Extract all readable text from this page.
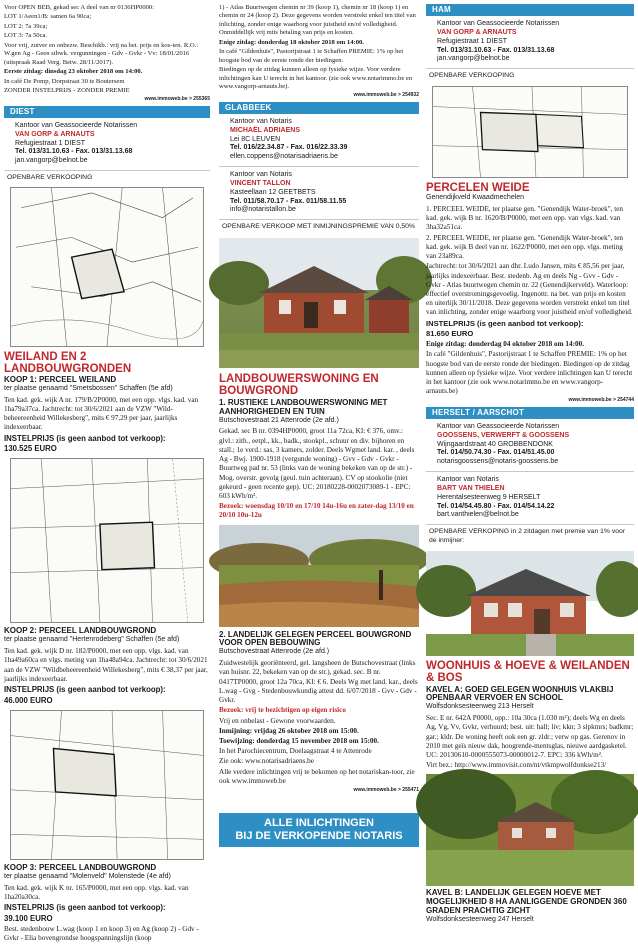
Voor OPEN BEB, gekad sec A deel van nr 0136HP0000:

LOT 1/Aeen1/B: samen 6a 90ca;

LOT 2: 7a 39ca;

LOT 3: 7a 50ca.

Voor vrij, zuiver en onbezw. Beschikb.: vrij na bet. prijs en kos-ten. R.O.: W.gen Ag - Geen stbwk. vergunningen - Gdv - Gvkr - Vv: 18/01/2016 (uitspraak Raad Verg. Betw. 28/11/2017).

Eerste zitdag: dinsdag 23 oktober 2018 om 14:00.

In café De Pomp, Dorpstraat 30 te Boutersem

ZONDER INSTELPRIJS - ZONDER PREMIE

www.immoweb.be > 255365
DIEST
Kantoor van Geassocieerde Notarissen
VAN GORP & ARNAUTS
Refugiestraat 1 DIEST
Tel. 013/31.10.63 - Fax. 013/31.13.68
jan.vangorp@belnot.be
OPENBARE VERKOOPING
WEILAND EN 2 LANDBOUWGRONDEN
KOOP 1: PERCEEL WEILAND
ter plaatse genaamd "Smetsbossen" Schaffen (5e afd)

Ten kad. gek. wijk A nr. 179/B/2P0000, met een opp. vlgs. kad. van 1ha79a37ca. Jachtrecht: tot 30/6/2021 aan de VZW "Wild-beheereenheid Willekesberg", mits € 97,29 per jaar, jaarlijks indexeerbaar.

INSTELPRIJS (is geen aanbod tot verkoop):

130.525 EURO

KOOP 2: PERCEEL LANDBOUWGROND
ter plaatse genaamd "Hertenrodeberg" Schaffen (5e afd)

Ten kad. gek. wijk D nr. 182/P0000, met een opp. vlgs. kad. van 1ha49a60ca en vlgs. meting van 1ha48a94ca. Jachtrecht: tot 30/6/2021 aan de VZW "Wildbeheereenheid Willekesberg", mits € 38,37 per jaar, jaarlijks indexeerbaar.

INSTELPRIJS (is geen aanbod tot verkoop):

46.000 EURO

KOOP 3: PERCEEL LANDBOUWGROND
ter plaatse genaamd "Molenveld" Molenstede (4e afd)

Ten kad. gek. wijk K nr. 165/P0000, met een opp. vlgs. kad. van 1ha20a30ca.

INSTELPRIJS (is geen aanbod tot verkoop):

39.100 EURO

Best. stedenbouw L.wag (koop 1 en koop 3) en Ag (koop 2) - Gdv - Gvkr - Elia bovengrondse hoogspanningslijn (koop

1) - Atlas Buurtwegen chemin nr 39 (koop 1), chemin nr 18 (koop 1) en chemin nr 24 (koop 2). Deze gegevens worden verstrekt enkel ten titel van inlichting, zonder enige waarborg voor juistheid en/of volledigheid. Onmiddellijk vrij mits betaling van prijs en kosten.

Enige zitdag: donderdag 18 oktober 2018 om 14:00.

In café "Gildenhuis", Pastorijstraat 1 te Schaffen PREMIE: 1% op het hoogste bod van de eerste ronde der biedingen.

Biedingen op de zitdag kunnen alleen op fysieke wijze. Voor verdere inlichtingen kan U terecht in het kantoor. (zie ook www.notarimmo.be en www.vangorp-arnauts.be).

www.immoweb.be > 254932
GLABBEEK
Kantoor van Notaris
MICHAËL ADRIAENS
Lei 8C LEUVEN
Tel. 016/22.34.87 - Fax. 016/22.33.39
ellen.coppens@notarisadriaens.be
Kantoor van Notaris
VINCENT TALLON
Kasteellaan 12 GEETBETS
Tel. 011/58.70.17 - Fax. 011/58.11.55
info@notaristallon.be
OPENBARE VERKOOP MET INMIJNINGSPREMIE VAN 0,50%
LANDBOUWERSWONING EN BOUWGROND
1. RUSTIEKE LANDBOUWERSWONING MET AANHORIGHEDEN EN TUIN
Butschovestraat 21 Attenrode (2e afd.)

Gekad. sec B nr. 0394HP0000, groot 11a 72ca, KI: € 376, omv.: glvl.: zith., eetpl., kk., badk., stookpl., schuur en div. bijhoren en stall.; 1e verd.: sas, 3 kamers, zolder. Deels Wgmet land. kar. , deels Ag - Bwj. 1900-1918 (vergunde woning) - Gvv - Gdv - Gvkr - Buurtweg pad nr. 53 (links van de woning bekeken van op de str.) - Mog. overstr. gevolg (geul. tuin achteraan). CV op stookolie (niet gekeurd - geen recente gep). UC: 20180228-0002073089-1 - EPC: 603 kWh/m².

Bezoek: woensdag 10/10 en 17/10 14u-16u en zater-dag 13/10 en 20/10 10u-12u

2. LANDELIJK GELEGEN PERCEEL BOUWGROND VOOR OPEN BEBOUWING
Butschovestraat Attenrode (2e afd.)

Zuidwestelijk georiënteerd, gel. langsheen de Butschovestraat (links van huisnr. 22, bekeken van op de str.), gekad. sec. B nr. 0417TP0000, groot 12a 70ca, KI: € 6. Deels Wg met land. kar., deels L.wag - Gvg - Stedenbouwkundig attest dd. 6/07/2018 - Gvv - Gdv - Gvkr.

Bezoek: vrij te bezichtigen op eigen risico

Vrij en onbelast - Gewone voorwaarden.

Inmijning: vrijdag 26 oktober 2018 om 15:00.

Toewijzing: donderdag 15 november 2018 om 15:00.

In het Parochiecentrum, Doelaagstraat 4 te Attenrode

Zie ook: www.notarisadriaens.be

Alle verdere inlichtingen vrij te bekomen op het notariskan-toor, zie ook www.immoweb.be

www.immoweb.be > 255471
ALLE INLICHTINGEN
BIJ DE VERKOPENDE NOTARIS
HAM
Kantoor van Geassocieerde Notarissen
VAN GORP & ARNAUTS
Refugiestraat 1 DIEST
Tel. 013/31.10.63 - Fax. 013/31.13.68
jan.vangorp@belnot.be
OPENBARE VERKOOPING
PERCELEN WEIDE
Genendijkveld Kwaadmechelen

1. PERCEEL WEIDE, ter plaatse gen. "Genendijk Water-broek", ten kad. gek. wijk B nr. 1620/B/P0000, met een opp. van vlgs. kad. van 3ha32a51ca.

2. PERCEEL WEIDE, ter plaatse gen. "Genendijk Water-broek", ten kad. gek. wijk B deel van nr. 1622/P0000, met een opp. vlgs. meting van 23a89ca.

Jachtrecht: tot 30/6/2021 aan dhr. Ludo Jansen, mits € 85,56 per jaar, jaarlijks indexeerbaar. Best. stedenb. Ag en deels Ng - Gvv - Gdv - Gvkr - Atlas buurtwegen chemin nr. 22 (Genendijkerveld). Waterloop: effectief overstromingsgevoelig. Ingenottr. na bet. van prijs en kosten en uiterlijk 30/11/2018. Deze gegevens worden verstrekt enkel ten titel van inlichting, zonder enige waarborg voor juistheid en/of volledigheid.

INSTELPRIJS (is geen aanbod tot verkoop):

81.650 EURO

Enige zitdag: donderdag 04 oktober 2018 om 14:00.

In café "Gildenhuis", Pastorijstraat 1 te Schaffen PREMIE: 1% op het hoogste bod van de eerste ronde der biedingen. Biedingen op de zitdag kunnen alleen op fysieke wijze. Voor verdere inlichtingen kan U terecht in het kantoor (zie ook www.notarimmo.be en www.vangorp-arnauts.be)

www.immoweb.be > 254744
HERSELT / AARSCHOT
Kantoor van Geassocieerde Notarissen
GOOSSENS, VERWERFT & GOOSSENS
Wijngaardstraat 40 GROBBENDONK
Tel. 014/50.74.30 - Fax. 014/51.45.00
notarisgoossens@notaris-goossens.be
Kantoor van Notaris
BART VAN THIELEN
Herentalsesteenweg 9 HERSELT
Tel. 014/54.45.80 - Fax. 014/54.14.22
bart.vanthielen@belnot.be
OPENBARE VERKOPING in 2 zitdagen met premie van 1% voor de inmijner:
WOONHUIS & HOEVE & WEILANDEN & BOS
KAVEL A: GOED GELEGEN WOONHUIS VLAKBIJ OPENBAAR VERVOER EN SCHOOL
Wolfsdonksesteenweg 213 Herselt

Sec. E nr. 642A P0000, opp.: 10a 30ca (1.030 m²); deels Wg en deels Ag, Vg, Vv, Gvkr, verhuurd; best. uit: hall; liv; kkn; 3 slpkmrs; badkmr; gar.; kldr. De woning heeft ook een gr. zldr.; verw op gas. Gerenov in 2010 met geïs nieuw dak, hoogrende-mentsglas, nieuwe aardgasketel. UC: 20130610-0000555073-00000012-7. EPC: 336 kWh/m².

Virt bez.: http://www.immovisit.com/nt/vtkmpwolfdonkse213/

KAVEL B: LANDELIJK GELEGEN HOEVE MET MOGELIJKHEID 8 HA AANLIGGENDE GRONDEN 360 GRADEN PRACHTIG ZICHT
Wolfsdonksesteenweg 247 Herselt
